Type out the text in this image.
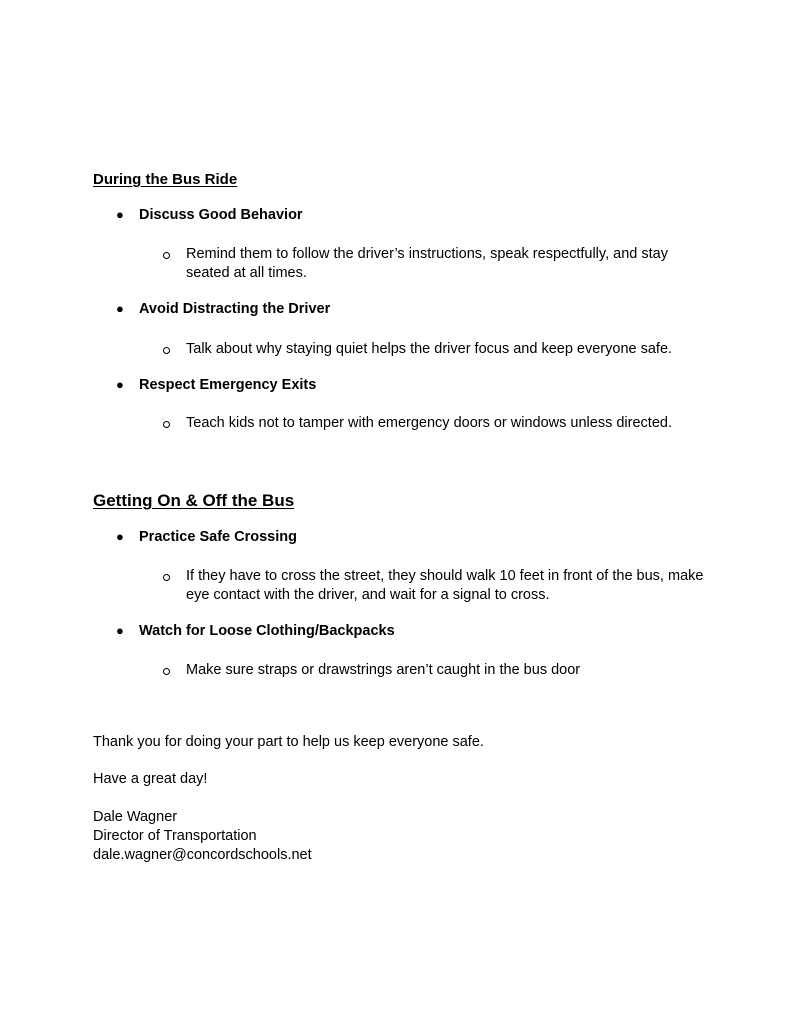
During the Bus Ride
● Discuss Good Behavior
Remind them to follow the driver’s instructions, speak respectfully, and stay seated at all times.
● Avoid Distracting the Driver
Talk about why staying quiet helps the driver focus and keep everyone safe.
● Respect Emergency Exits
Teach kids not to tamper with emergency doors or windows unless directed.
Getting On & Off the Bus
● Practice Safe Crossing
If they have to cross the street, they should walk 10 feet in front of the bus, make eye contact with the driver, and wait for a signal to cross.
● Watch for Loose Clothing/Backpacks
Make sure straps or drawstrings aren’t caught in the bus door
Thank you for doing your part to help us keep everyone safe.
Have a great day!
Dale Wagner
Director of Transportation
dale.wagner@concordschools.net
